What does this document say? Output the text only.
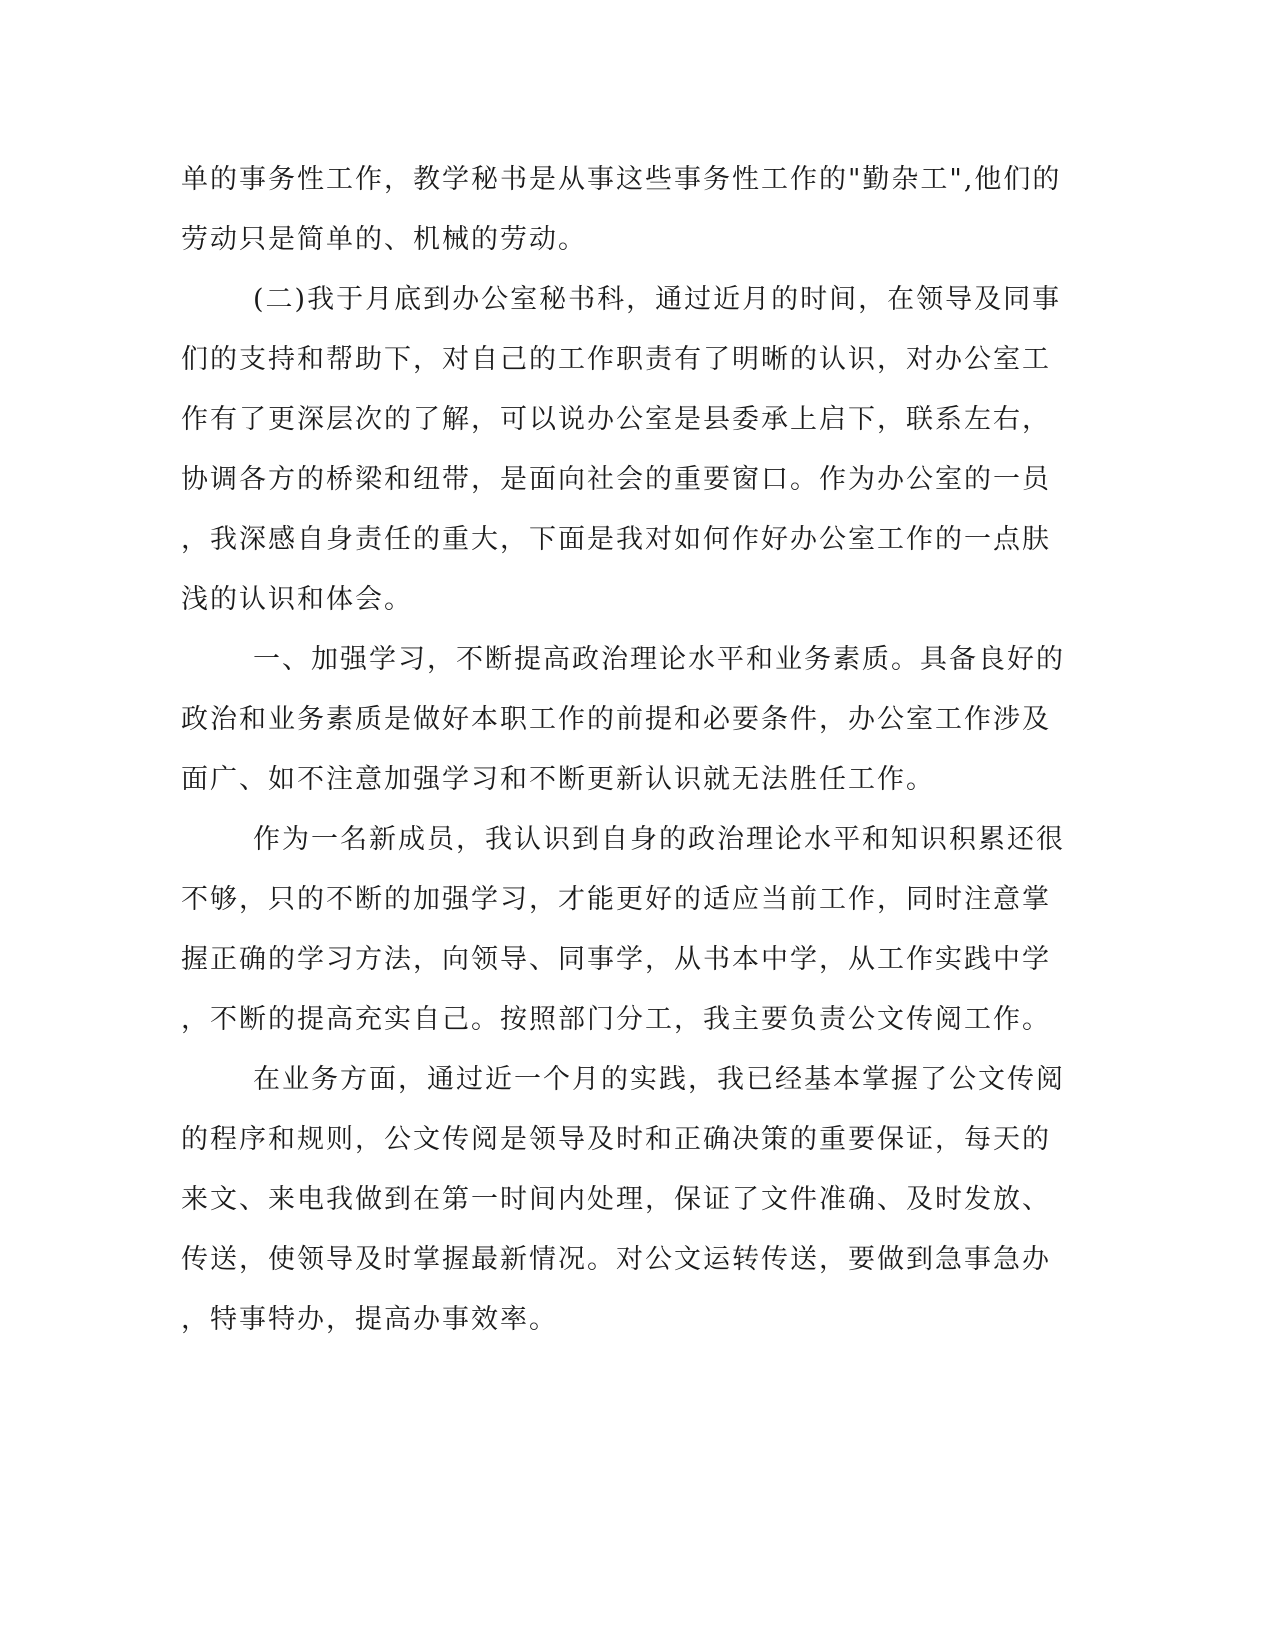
单的事务性工作，教学秘书是从事这些事务性工作的"勤杂工",他们的
劳动只是简单的、机械的劳动。
(二)我于月底到办公室秘书科，通过近月的时间，在领导及同事
们的支持和帮助下，对自己的工作职责有了明晰的认识，对办公室工
作有了更深层次的了解，可以说办公室是县委承上启下，联系左右，
协调各方的桥梁和纽带，是面向社会的重要窗口。作为办公室的一员
，我深感自身责任的重大，下面是我对如何作好办公室工作的一点肤
浅的认识和体会。
一、加强学习，不断提高政治理论水平和业务素质。具备良好的
政治和业务素质是做好本职工作的前提和必要条件，办公室工作涉及
面广、如不注意加强学习和不断更新认识就无法胜任工作。
作为一名新成员，我认识到自身的政治理论水平和知识积累还很
不够，只的不断的加强学习，才能更好的适应当前工作，同时注意掌
握正确的学习方法，向领导、同事学，从书本中学，从工作实践中学
，不断的提高充实自己。按照部门分工，我主要负责公文传阅工作。
在业务方面，通过近一个月的实践，我已经基本掌握了公文传阅
的程序和规则，公文传阅是领导及时和正确决策的重要保证，每天的
来文、来电我做到在第一时间内处理，保证了文件准确、及时发放、
传送，使领导及时掌握最新情况。对公文运转传送，要做到急事急办
，特事特办，提高办事效率。
